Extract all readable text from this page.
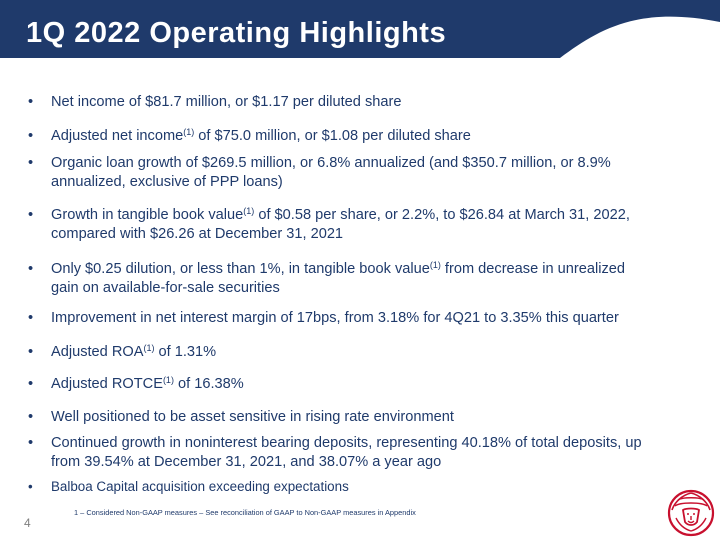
1Q 2022 Operating Highlights
• Net income of $81.7 million, or $1.17 per diluted share
• Adjusted net income$^{(1)}$ of $75.0 million, or $1.08 per diluted share
• Organic loan growth of $269.5 million, or 6.8% annualized (and $350.7 million, or 8.9%
annualized, exclusive of PPP loans)
• Growth in tangible book value$^{(1)}$ of $0.58 per share, or 2.2%, to $26.84 at March 31, 2022,
compared with $26.26 at December 31, 2021
• Only $0.25 dilution, or less than 1%, in tangible book value$^{(1)}$ from decrease in unrealized
gain on available-for-sale securities
• Improvement in net interest margin of 17bps, from 3.18% for 4Q21 to 3.35% this quarter
• Adjusted ROA$^{(1)}$ of 1.31%
• Adjusted ROTCE$^{(1)}$ of 16.38%
• Well positioned to be asset sensitive in rising rate environment
• Continued growth in noninterest bearing deposits, representing 40.18% of total deposits, up
from 39.54% at December 31, 2021, and 38.07% a year ago
• Balboa Capital acquisition exceeding expectations
1 – Considered Non-GAAP measures – See reconciliation of GAAP to Non-GAAP measures in Appendix
4
